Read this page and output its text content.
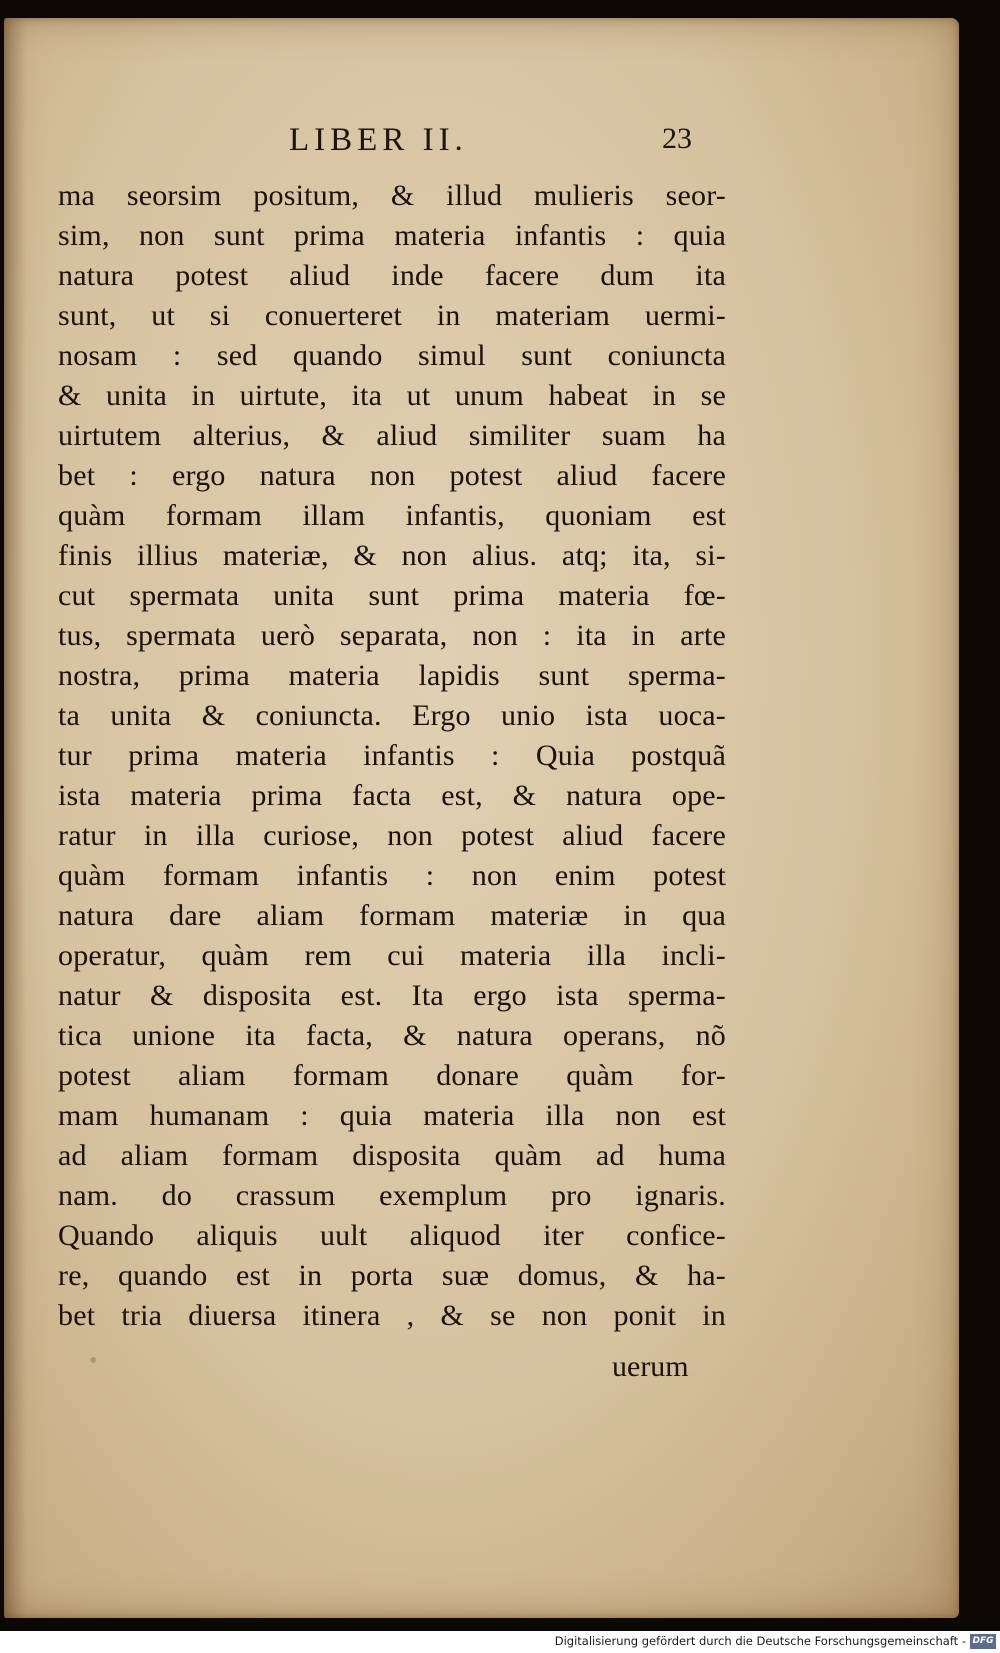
LIBER II.	23
ma seorsim positum, & illud mulieris seor-
sim, non sunt prima materia infantis : quia
natura potest aliud inde facere dum ita
sunt, ut si conuerteret in materiam uermi-
nosam : sed quando simul sunt coniuncta
& unita in uirtute, ita ut unum habeat in se
uirtutem alterius, & aliud similiter suam ha
bet : ergo natura non potest aliud facere
quàm formam illam infantis, quoniam est
finis illius materiæ, & non alius. atq; ita, si-
cut spermata unita sunt prima materia fœ-
tus, spermata uerò separata, non : ita in arte
nostra, prima materia lapidis sunt sperma-
ta unita & coniuncta. Ergo unio ista uoca-
tur prima materia infantis : Quia postquã
ista materia prima facta est, & natura ope-
ratur in illa curiose, non potest aliud facere
quàm formam infantis : non enim potest
natura dare aliam formam materiæ in qua
operatur, quàm rem cui materia illa incli-
natur & disposita est. Ita ergo ista sperma-
tica unione ita facta, & natura operans, nõ
potest aliam formam donare quàm for-
mam humanam : quia materia illa non est
ad aliam formam disposita quàm ad huma
nam. do crassum exemplum pro ignaris.
Quando aliquis uult aliquod iter confice-
re, quando est in porta suæ domus, & ha-
bet tria diuersa itinera , & se non ponit in
•	uerum
Digitalisierung gefördert durch die Deutsche Forschungsgemeinschaft - DFG
